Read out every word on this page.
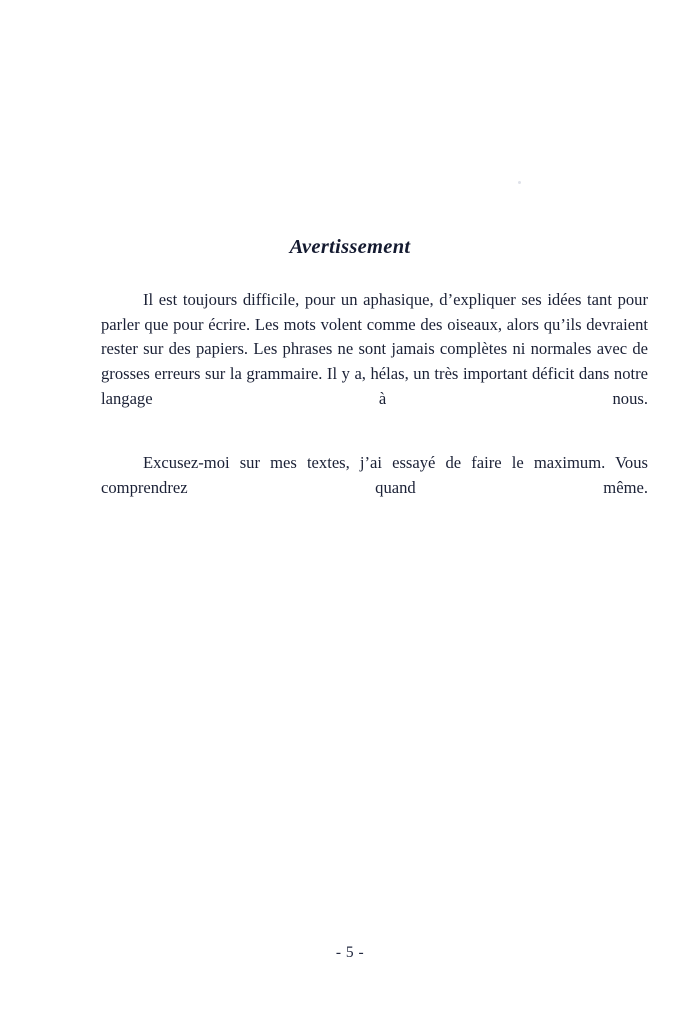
Avertissement

Il est toujours difficile, pour un aphasique, d’expliquer ses idées tant pour parler que pour écrire. Les mots volent comme des oiseaux, alors qu’ils devraient rester sur des papiers. Les phrases ne sont jamais complètes ni normales avec de grosses erreurs sur la grammaire. Il y a, hélas, un très important déficit dans notre langage à nous.

Excusez-moi sur mes textes, j’ai essayé de faire le maximum. Vous comprendrez quand même.

- 5 -
